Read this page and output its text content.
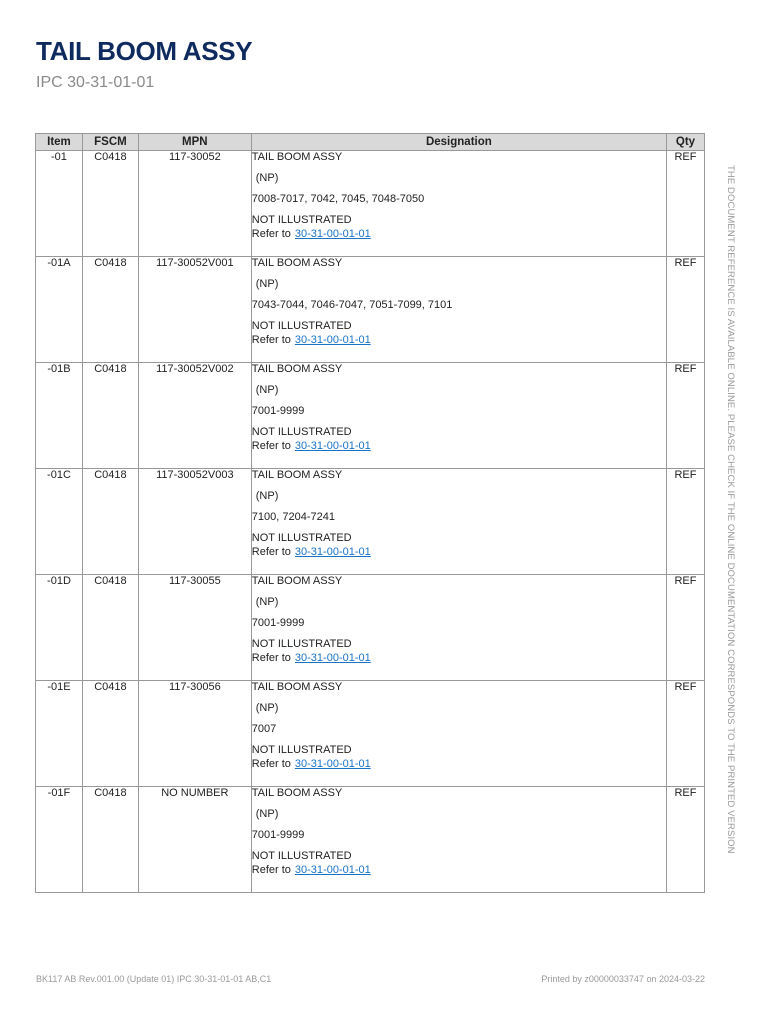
TAIL BOOM ASSY
IPC 30-31-01-01
Item	FSCM	MPN	Designation	Qty
-01	C0418	117-30052	TAIL BOOM ASSY
(NP)
7008-7017, 7042, 7045, 7048-7050
NOT ILLUSTRATED
Refer to 30-31-00-01-01	REF
-01A	C0418	117-30052V001	TAIL BOOM ASSY
(NP)
7043-7044, 7046-7047, 7051-7099, 7101
NOT ILLUSTRATED
Refer to 30-31-00-01-01	REF
-01B	C0418	117-30052V002	TAIL BOOM ASSY
(NP)
7001-9999
NOT ILLUSTRATED
Refer to 30-31-00-01-01	REF
-01C	C0418	117-30052V003	TAIL BOOM ASSY
(NP)
7100, 7204-7241
NOT ILLUSTRATED
Refer to 30-31-00-01-01	REF
-01D	C0418	117-30055	TAIL BOOM ASSY
(NP)
7001-9999
NOT ILLUSTRATED
Refer to 30-31-00-01-01	REF
-01E	C0418	117-30056	TAIL BOOM ASSY
(NP)
7007
NOT ILLUSTRATED
Refer to 30-31-00-01-01	REF
-01F	C0418	NO NUMBER	TAIL BOOM ASSY
(NP)
7001-9999
NOT ILLUSTRATED
Refer to 30-31-00-01-01	REF	THE DOCUMENT REFERENCE IS AVAILABLE ONLINE. PLEASE CHECK IF THE ONLINE DOCUMENTATION CORRESPONDS TO THE PRINTED VERSION
BK117 AB Rev.001.00 (Update 01) IPC 30-31-01-01 AB,C1	Printed by z00000033747 on 2024-03-22
